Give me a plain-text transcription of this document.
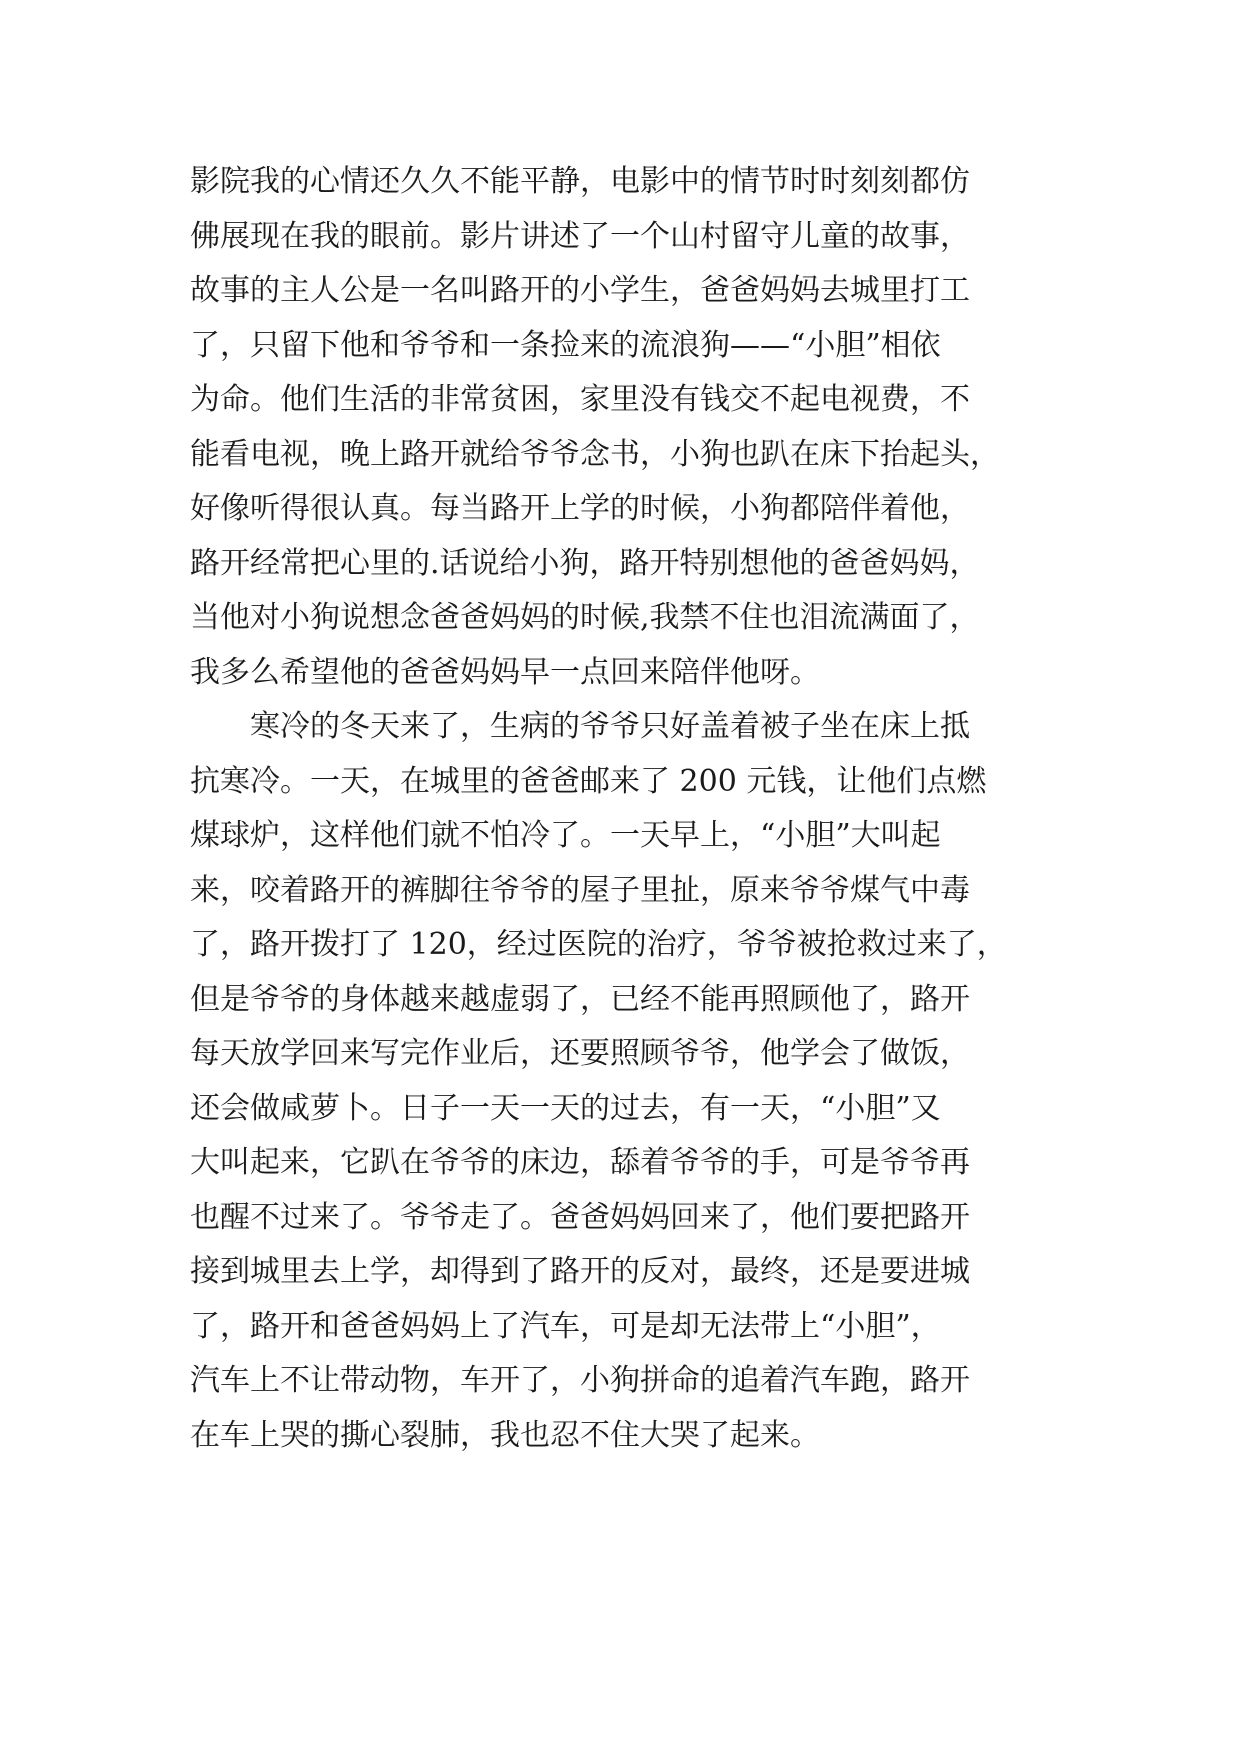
影院我的心情还久久不能平静，电影中的情节时时刻刻都仿
佛展现在我的眼前。影片讲述了一个山村留守儿童的故事，
故事的主人公是一名叫路开的小学生，爸爸妈妈去城里打工
了，只留下他和爷爷和一条捡来的流浪狗——“小胆”相依
为命。他们生活的非常贫困，家里没有钱交不起电视费，不
能看电视，晚上路开就给爷爷念书，小狗也趴在床下抬起头，
好像听得很认真。每当路开上学的时候，小狗都陪伴着他，
路开经常把心里的.话说给小狗，路开特别想他的爸爸妈妈，
当他对小狗说想念爸爸妈妈的时候,我禁不住也泪流满面了，
我多么希望他的爸爸妈妈早一点回来陪伴他呀。
　　寒冷的冬天来了，生病的爷爷只好盖着被子坐在床上抵
抗寒冷。一天，在城里的爸爸邮来了 200 元钱，让他们点燃
煤球炉，这样他们就不怕冷了。一天早上，“小胆”大叫起
来，咬着路开的裤脚往爷爷的屋子里扯，原来爷爷煤气中毒
了，路开拨打了 120，经过医院的治疗，爷爷被抢救过来了，
但是爷爷的身体越来越虚弱了，已经不能再照顾他了，路开
每天放学回来写完作业后，还要照顾爷爷，他学会了做饭，
还会做咸萝卜。日子一天一天的过去，有一天，“小胆”又
大叫起来，它趴在爷爷的床边，舔着爷爷的手，可是爷爷再
也醒不过来了。爷爷走了。爸爸妈妈回来了，他们要把路开
接到城里去上学，却得到了路开的反对，最终，还是要进城
了，路开和爸爸妈妈上了汽车，可是却无法带上“小胆”，
汽车上不让带动物，车开了，小狗拼命的追着汽车跑，路开
在车上哭的撕心裂肺，我也忍不住大哭了起来。
